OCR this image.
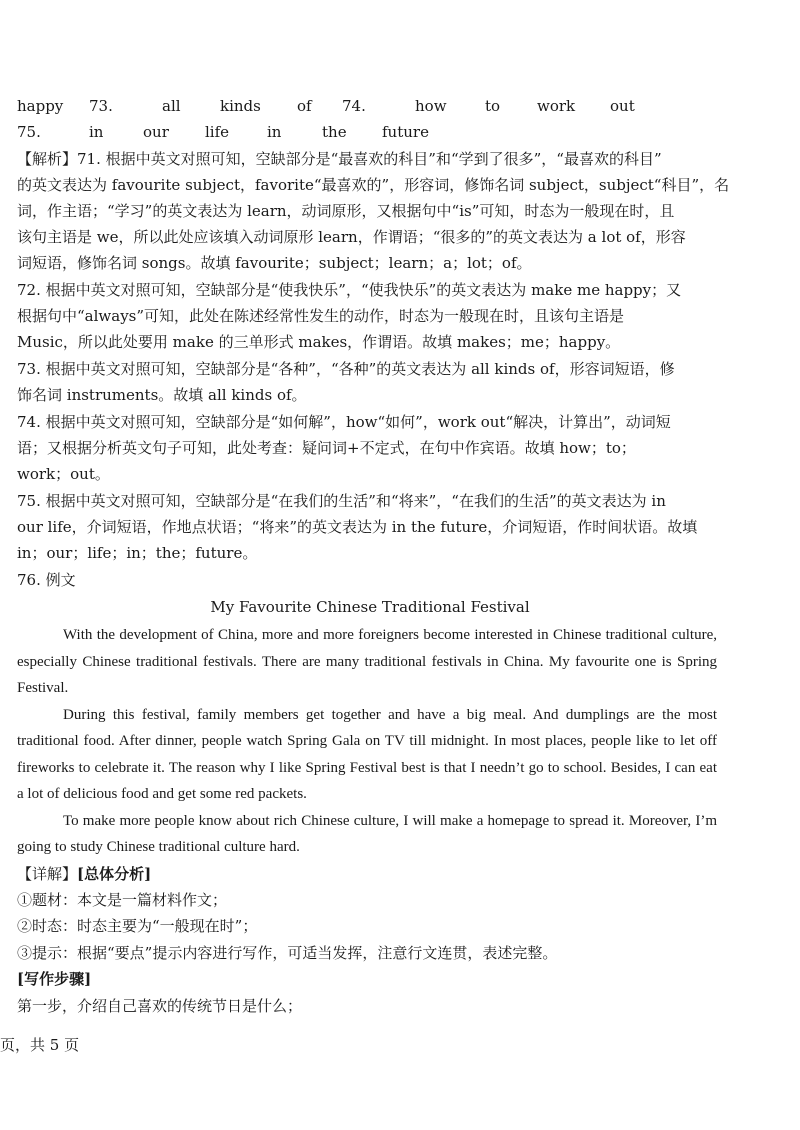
happy 73.	all	kinds of 74.	how	to work out
75.	in	our life	in	the future
【解析】71. 根据中英文对照可知，空缺部分是“最喜欢的科目”和“学到了很多”，“最喜欢的科目”
的英文表达为 favourite subject，favorite“最喜欢的”，形容词，修饰名词 subject，subject“科目”，名
词，作主语；“学习”的英文表达为 learn，动词原形，又根据句中“is”可知，时态为一般现在时，且
该句主语是 we，所以此处应该填入动词原形 learn，作谓语；“很多的”的英文表达为 a lot of，形容
词短语，修饰名词 songs。故填 favourite；subject；learn；a；lot；of。
72. 根据中英文对照可知，空缺部分是“使我快乐”，“使我快乐”的英文表达为 make me happy；又
根据句中“always”可知，此处在陈述经常性发生的动作，时态为一般现在时，且该句主语是
Music，所以此处要用 make 的三单形式 makes，作谓语。故填 makes；me；happy。
73. 根据中英文对照可知，空缺部分是“各种”，“各种”的英文表达为 all kinds of，形容词短语，修
饰名词 instruments。故填 all kinds of。
74. 根据中英文对照可知，空缺部分是“如何解”，how“如何”，work out“解决，计算出”，动词短
语；又根据分析英文句子可知，此处考查：疑问词+不定式，在句中作宾语。故填 how；to；
work；out。
75. 根据中英文对照可知，空缺部分是“在我们的生活”和“将来”，“在我们的生活”的英文表达为 in
our life，介词短语，作地点状语；“将来”的英文表达为 in the future，介词短语，作时间状语。故填
in；our；life；in；the；future。
76. 例文
My Favourite Chinese Traditional Festival

With the development of China, more and more foreigners become interested in Chinese traditional culture, especially Chinese traditional festivals. There are many traditional festivals in China. My favourite one is Spring Festival.

During this festival, family members get together and have a big meal. And dumplings are the most traditional food. After dinner, people watch Spring Gala on TV till midnight. In most places, people like to let off fireworks to celebrate it. The reason why I like Spring Festival best is that I needn’t go to school. Besides, I can eat a lot of delicious food and get some red packets.

To make more people know about rich Chinese culture, I will make a homepage to spread it. Moreover, I’m going to study Chinese traditional culture hard.

【详解】[总体分析]
①题材：本文是一篇材料作文；
②时态：时态主要为“一般现在时”；
③提示：根据“要点”提示内容进行写作，可适当发挥，注意行文连贯，表述完整。
[写作步骤]
第一步，介绍自己喜欢的传统节日是什么；
页，共 5 页
